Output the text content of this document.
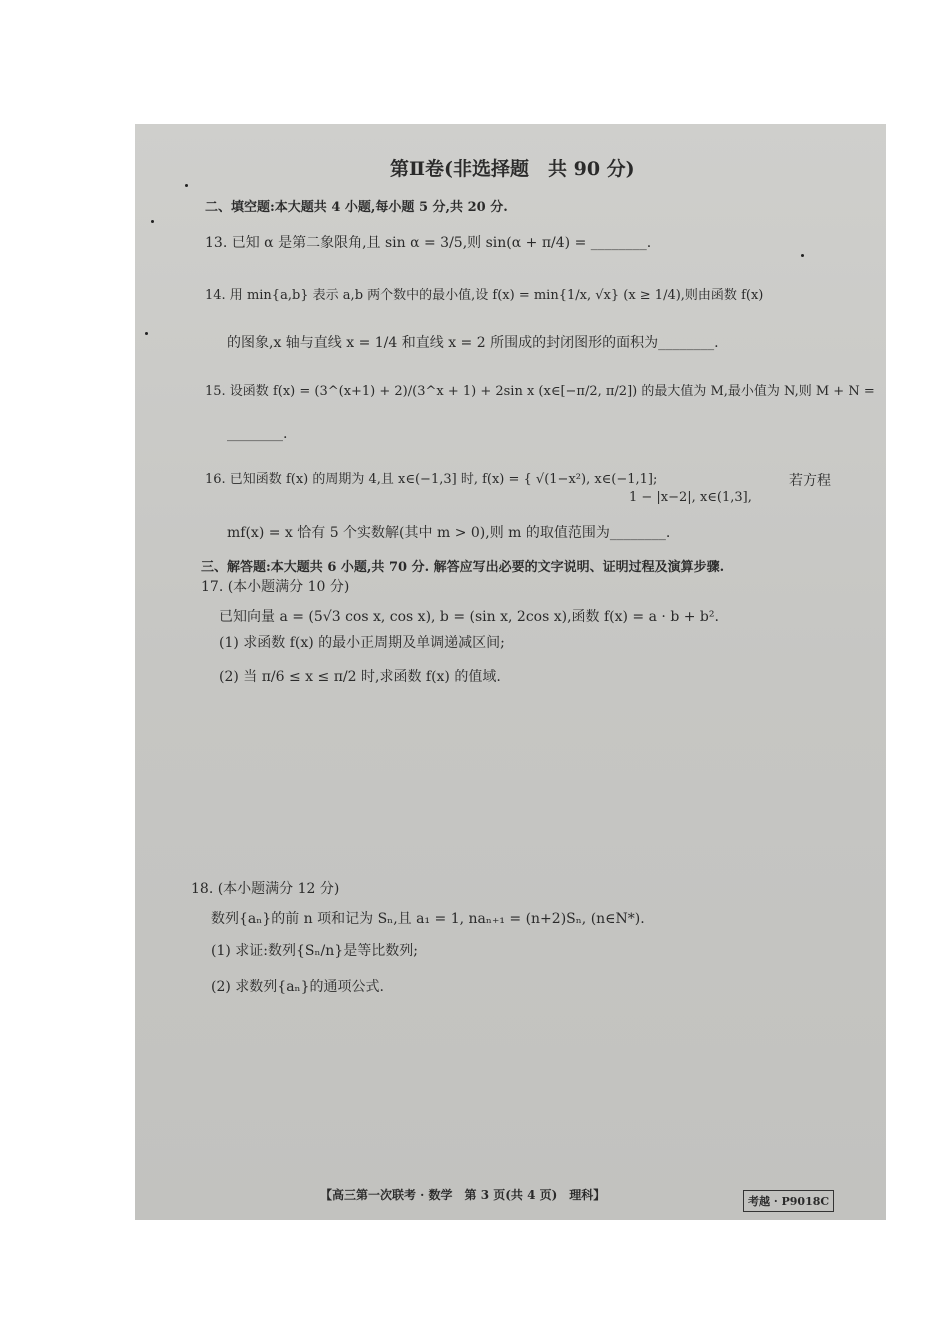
第Ⅱ卷(非选择题　共 90 分)
二、填空题:本大题共 4 小题,每小题 5 分,共 20 分.
13. 已知 α 是第二象限角,且 sin α = 3/5,则 sin(α + π/4) = ________.
14. 用 min{a,b} 表示 a,b 两个数中的最小值,设 f(x) = min{1/x, √x} (x ≥ 1/4),则由函数 f(x)
的图象,x 轴与直线 x = 1/4 和直线 x = 2 所围成的封闭图形的面积为________.
15. 设函数 f(x) = (3^(x+1) + 2)/(3^x + 1) + 2sin x (x∈[−π/2, π/2]) 的最大值为 M,最小值为 N,则 M + N =
________.
16. 已知函数 f(x) 的周期为 4,且 x∈(−1,3] 时, f(x) = { √(1−x²), x∈(−1,1];	若方程
1 − |x−2|, x∈(1,3],
mf(x) = x 恰有 5 个实数解(其中 m > 0),则 m 的取值范围为________.
三、解答题:本大题共 6 小题,共 70 分. 解答应写出必要的文字说明、证明过程及演算步骤.
17. (本小题满分 10 分)
已知向量 a = (5√3 cos x, cos x), b = (sin x, 2cos x),函数 f(x) = a · b + b².
(1) 求函数 f(x) 的最小正周期及单调递减区间;
(2) 当 π/6 ≤ x ≤ π/2 时,求函数 f(x) 的值域.
18. (本小题满分 12 分)
数列{aₙ}的前 n 项和记为 Sₙ,且 a₁ = 1, naₙ₊₁ = (n+2)Sₙ, (n∈N*).
(1) 求证:数列{Sₙ/n}是等比数列;
(2) 求数列{aₙ}的通项公式.
【高三第一次联考 · 数学　第 3 页(共 4 页)　理科】	考越 · P9018C
